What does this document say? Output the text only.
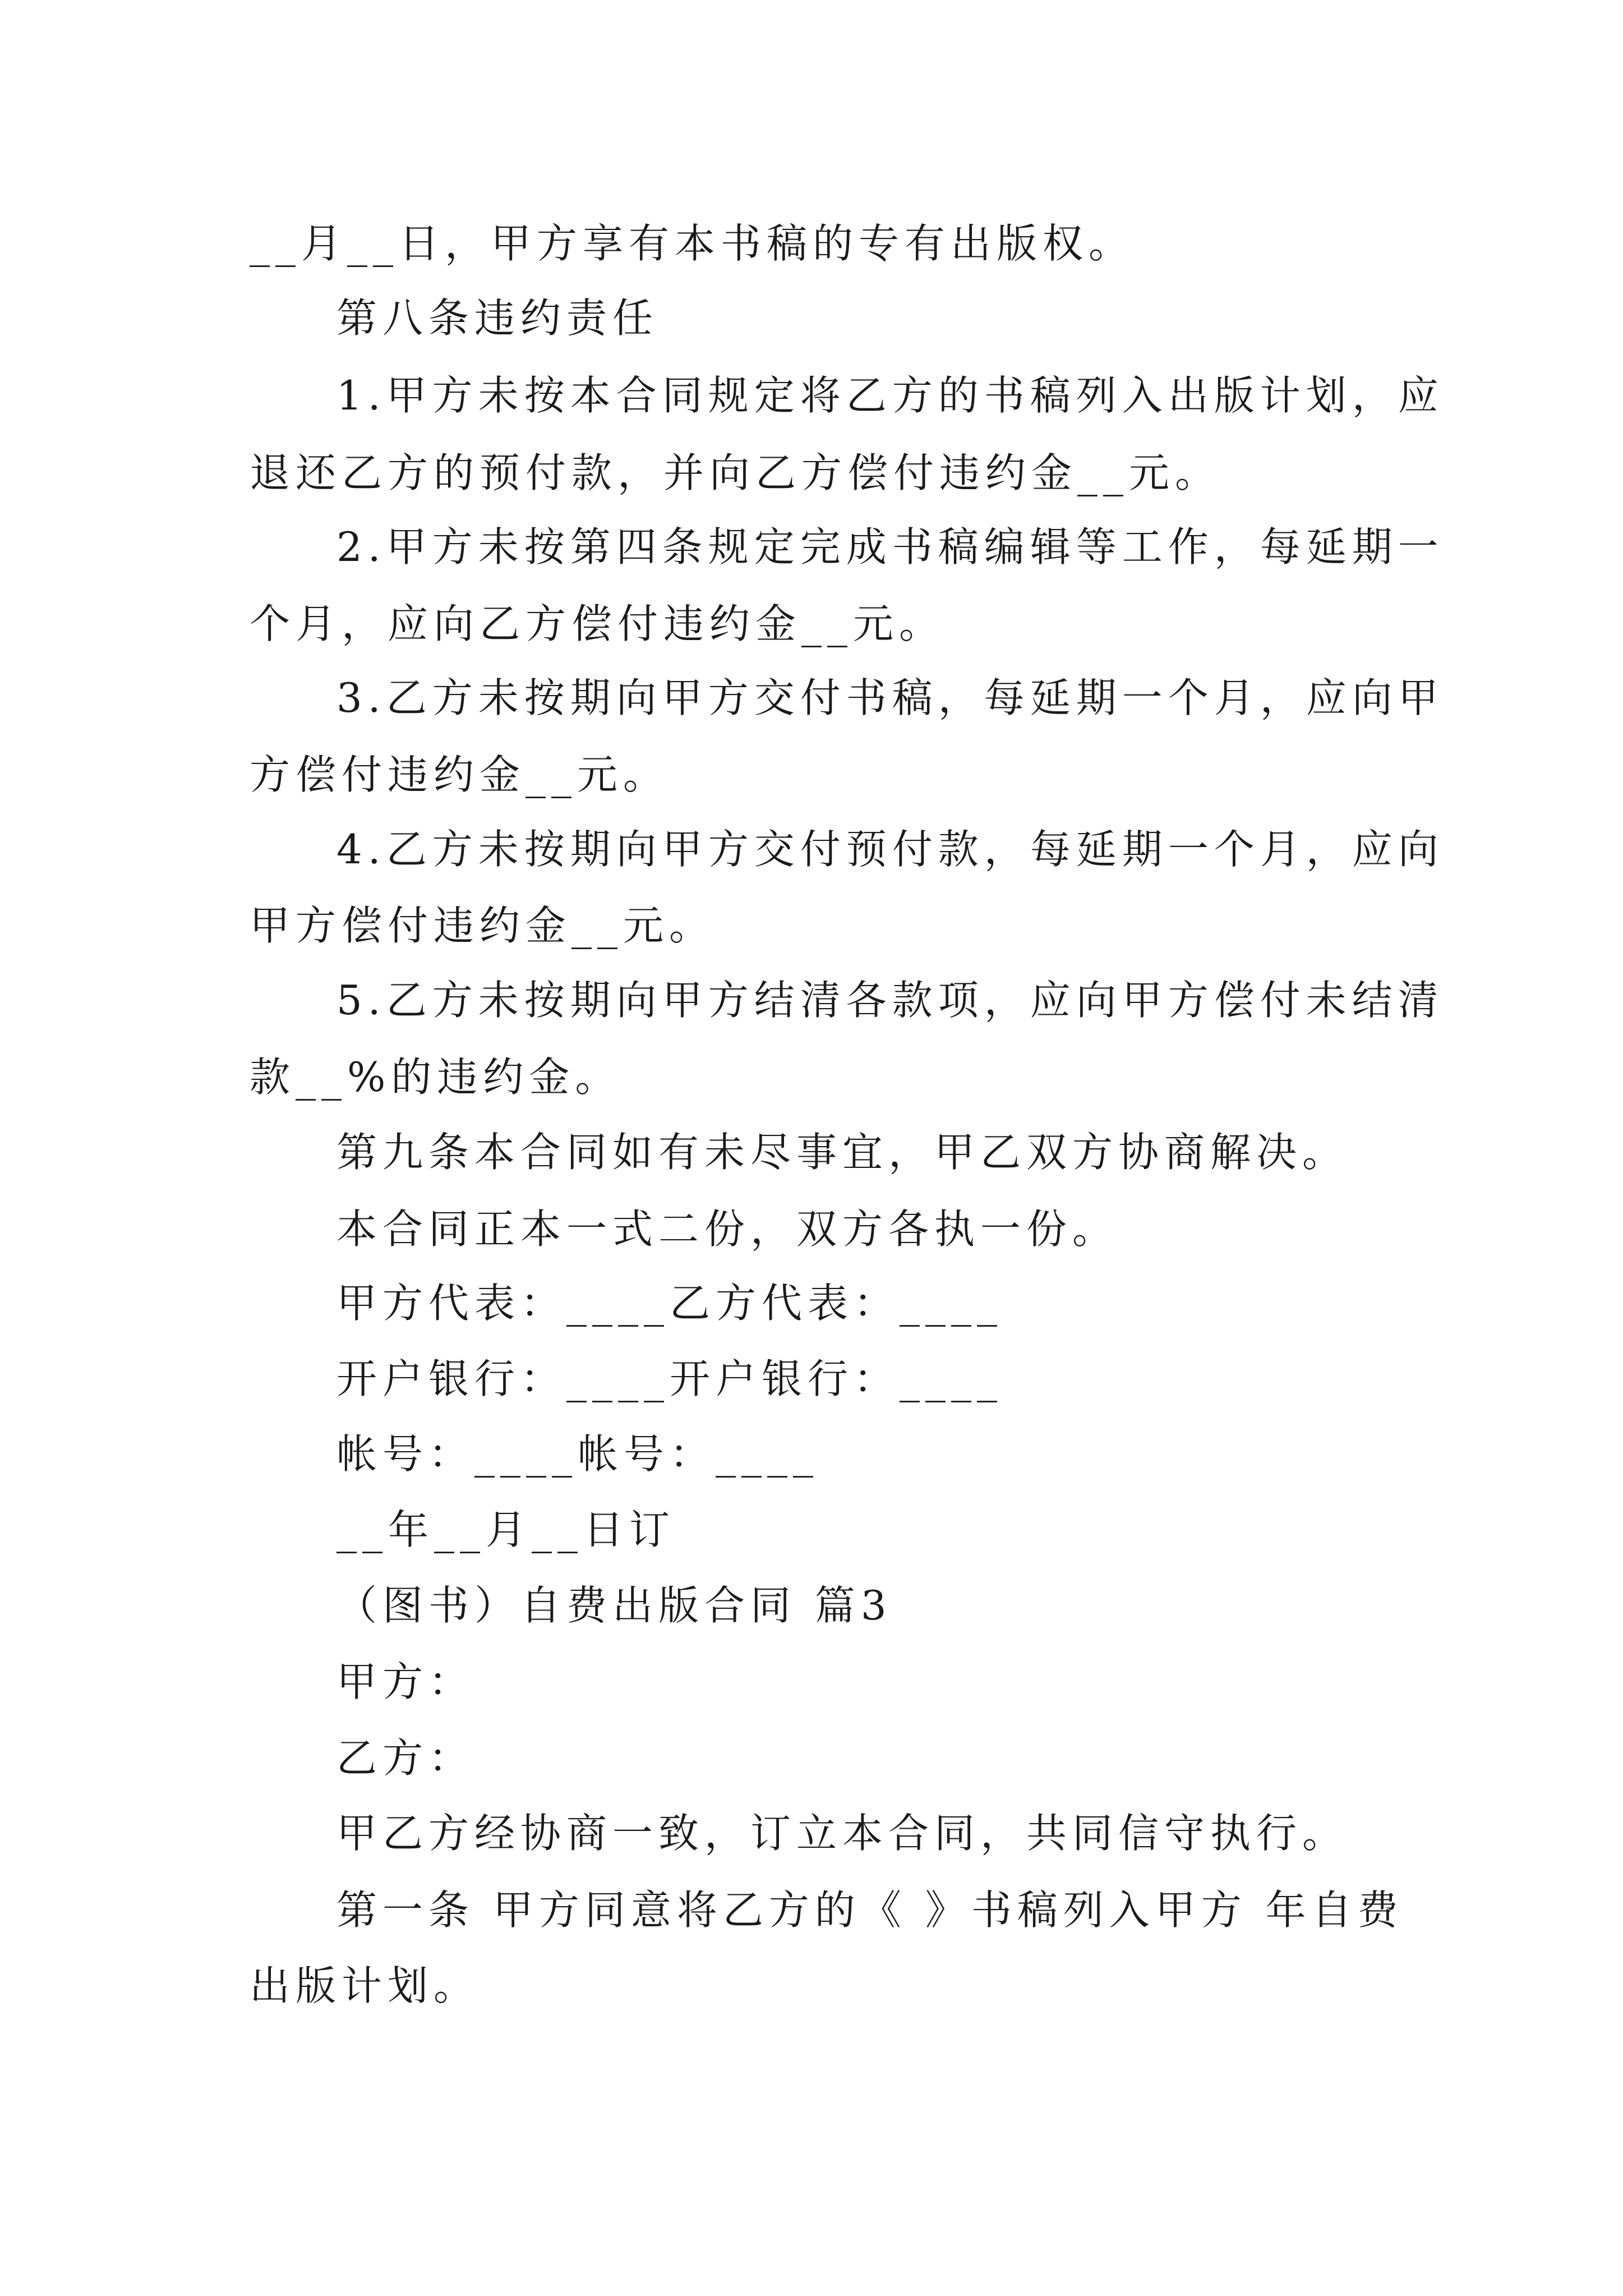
__月__日，甲方享有本书稿的专有出版权。
第八条违约责任
1.甲方未按本合同规定将乙方的书稿列入出版计划，应
退还乙方的预付款，并向乙方偿付违约金__元。
2.甲方未按第四条规定完成书稿编辑等工作，每延期一
个月，应向乙方偿付违约金__元。
3.乙方未按期向甲方交付书稿，每延期一个月，应向甲
方偿付违约金__元。
4.乙方未按期向甲方交付预付款，每延期一个月，应向
甲方偿付违约金__元。
5.乙方未按期向甲方结清各款项，应向甲方偿付未结清
款__%的违约金。
第九条本合同如有未尽事宜，甲乙双方协商解决。
本合同正本一式二份，双方各执一份。
甲方代表：____乙方代表：____
开户银行：____开户银行：____
帐号：____帐号：____
__年__月__日订
（图书）自费出版合同 篇3
甲方：
乙方：
甲乙方经协商一致，订立本合同，共同信守执行。
第一条 甲方同意将乙方的《 》书稿列入甲方 年自费
出版计划。
